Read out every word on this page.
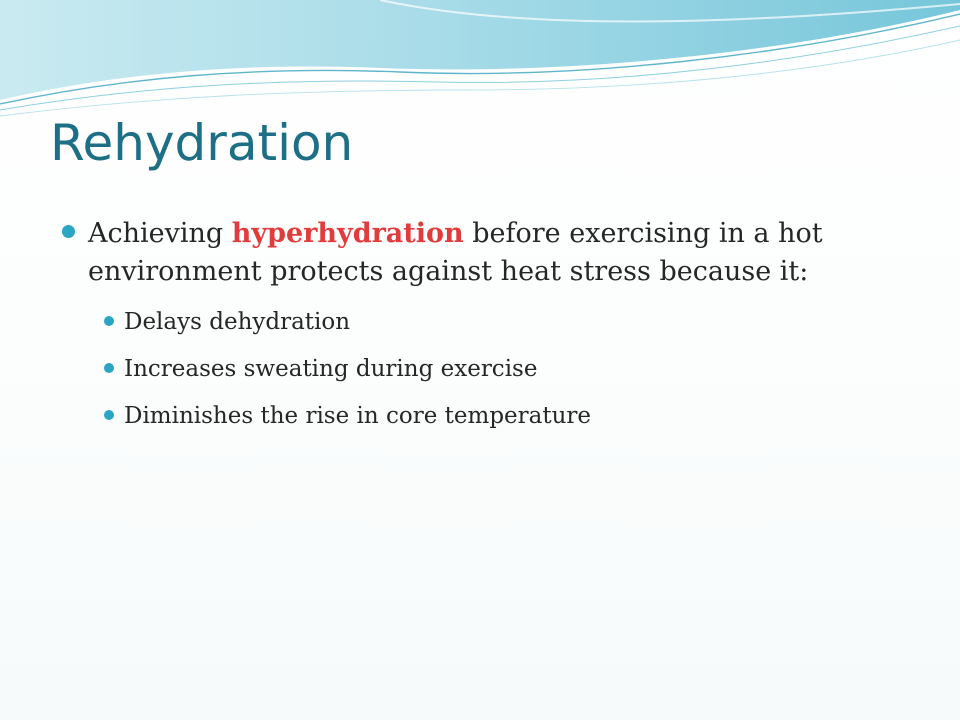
Rehydration
Achieving hyperhydration before exercising in a hot environment protects against heat stress because it:
Delays dehydration
Increases sweating during exercise
Diminishes the rise in core temperature
